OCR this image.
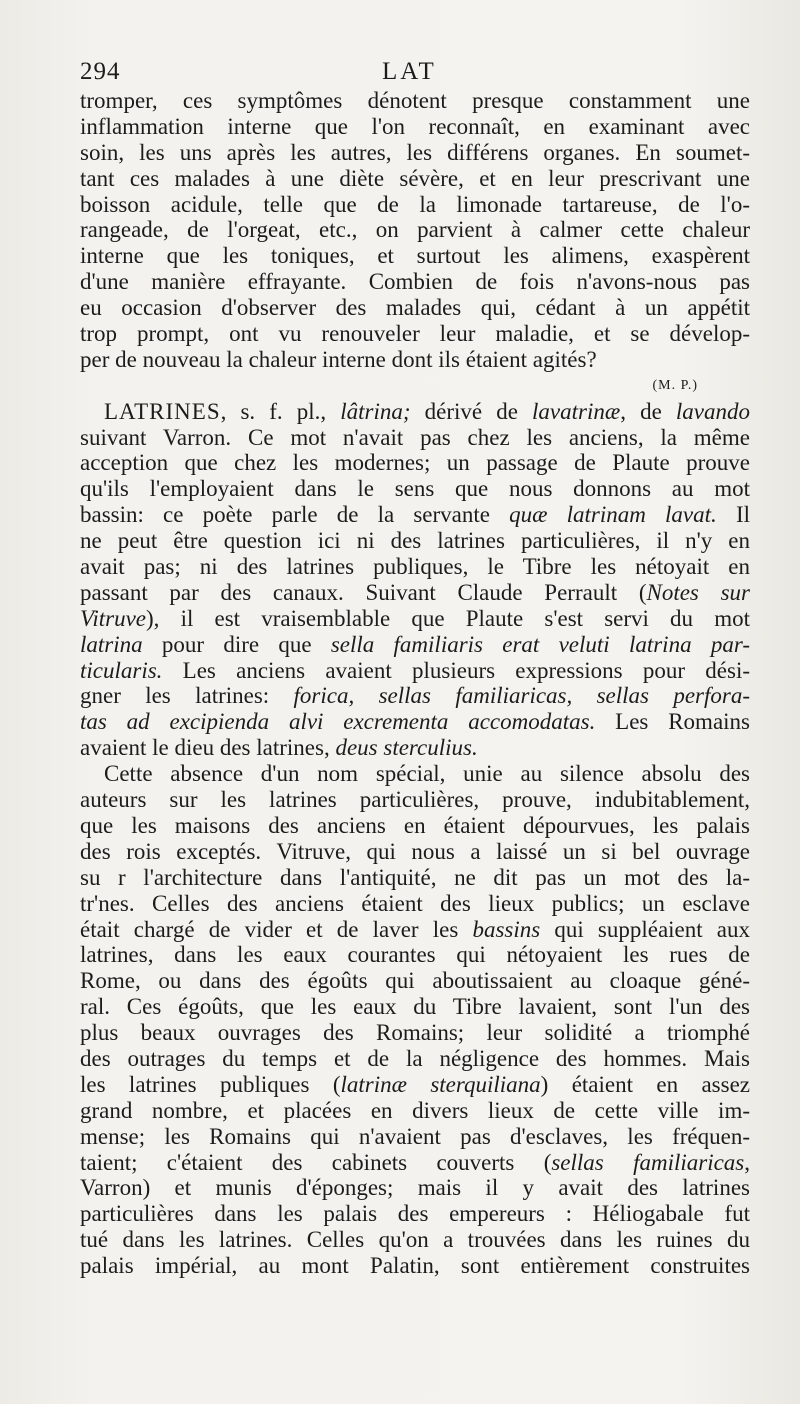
294	LAT
tromper, ces symptômes dénotent presque constamment une
inflammation interne que l'on reconnaît, en examinant avec
soin, les uns après les autres, les différens organes. En soumet-
tant ces malades à une diète sévère, et en leur prescrivant une
boisson acidule, telle que de la limonade tartareuse, de l'o-
rangeade, de l'orgeat, etc., on parvient à calmer cette chaleur
interne que les toniques, et surtout les alimens, exaspèrent
d'une manière effrayante. Combien de fois n'avons-nous pas
eu occasion d'observer des malades qui, cédant à un appétit
trop prompt, ont vu renouveler leur maladie, et se dévelop-
per de nouveau la chaleur interne dont ils étaient agités?
(M. P.)
LATRINES, s. f. pl., lâtrina; dérivé de lavatrinæ, de lavando
suivant Varron. Ce mot n'avait pas chez les anciens, la même
acception que chez les modernes; un passage de Plaute prouve
qu'ils l'employaient dans le sens que nous donnons au mot
bassin: ce poète parle de la servante quæ latrinam lavat. Il
ne peut être question ici ni des latrines particulières, il n'y en
avait pas; ni des latrines publiques, le Tibre les nétoyait en
passant par des canaux. Suivant Claude Perrault (Notes sur
Vitruve), il est vraisemblable que Plaute s'est servi du mot
latrina pour dire que sella familiaris erat veluti latrina par-
ticularis. Les anciens avaient plusieurs expressions pour dési-
gner les latrines: forica, sellas familiaricas, sellas perfora-
tas ad excipienda alvi excrementa accomodatas. Les Romains
avaient le dieu des latrines, deus sterculius.
Cette absence d'un nom spécial, unie au silence absolu des
auteurs sur les latrines particulières, prouve, indubitablement,
que les maisons des anciens en étaient dépourvues, les palais
des rois exceptés. Vitruve, qui nous a laissé un si bel ouvrage
su r l'architecture dans l'antiquité, ne dit pas un mot des la-
tr'nes. Celles des anciens étaient des lieux publics; un esclave
était chargé de vider et de laver les bassins qui suppléaient aux
latrines, dans les eaux courantes qui nétoyaient les rues de
Rome, ou dans des égoûts qui aboutissaient au cloaque géné-
ral. Ces égoûts, que les eaux du Tibre lavaient, sont l'un des
plus beaux ouvrages des Romains; leur solidité a triomphé
des outrages du temps et de la négligence des hommes. Mais
les latrines publiques (latrinæ sterquiliana) étaient en assez
grand nombre, et placées en divers lieux de cette ville im-
mense; les Romains qui n'avaient pas d'esclaves, les fréquen-
taient; c'étaient des cabinets couverts (sellas familiaricas,
Varron) et munis d'éponges; mais il y avait des latrines
particulières dans les palais des empereurs : Héliogabale fut
tué dans les latrines. Celles qu'on a trouvées dans les ruines du
palais impérial, au mont Palatin, sont entièrement construites
